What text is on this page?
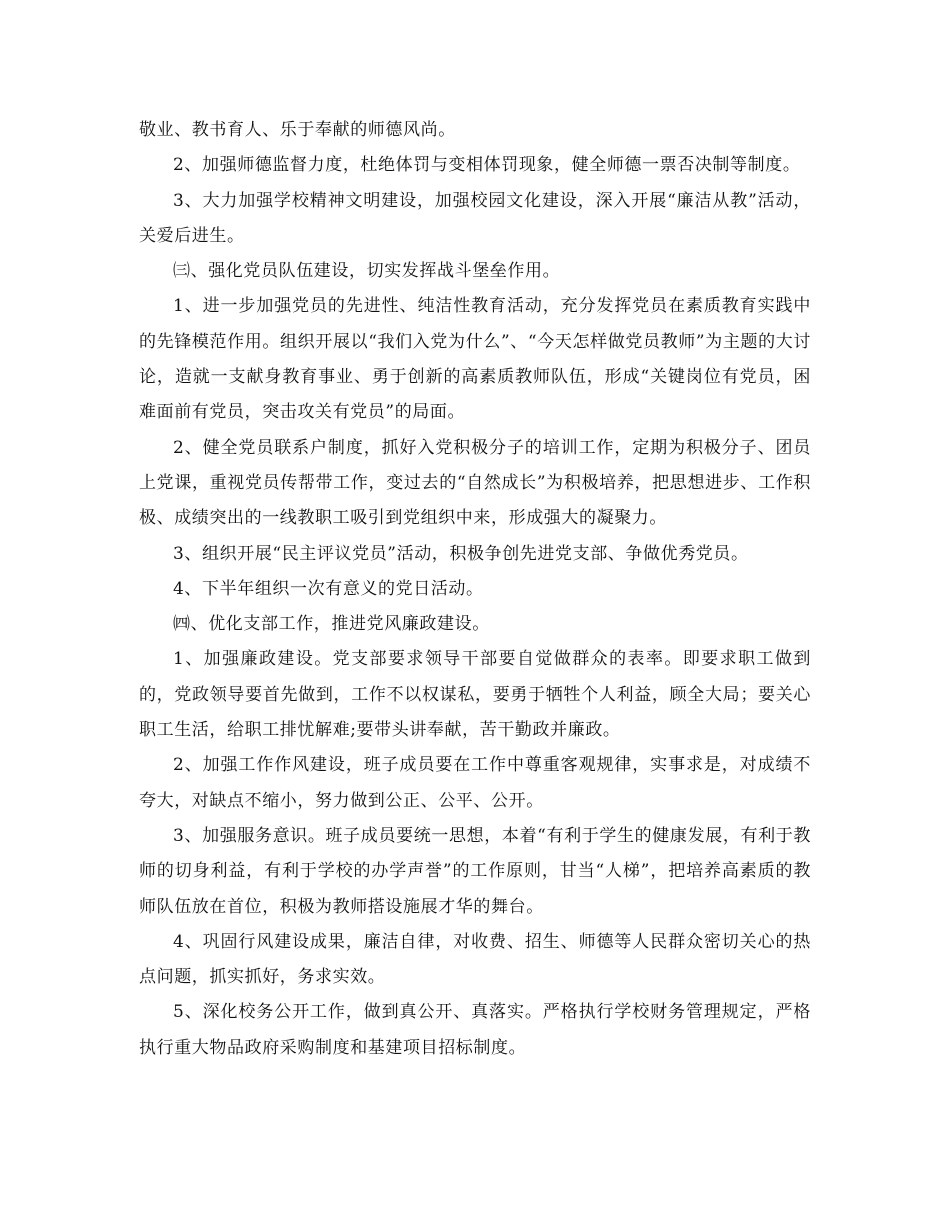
敬业、教书育人、乐于奉献的师德风尚。

2、加强师德监督力度，杜绝体罚与变相体罚现象，健全师德一票否决制等制度。

3、大力加强学校精神文明建设，加强校园文化建设，深入开展“廉洁从教”活动，关爱后进生。

㈢、强化党员队伍建设，切实发挥战斗堡垒作用。

1、进一步加强党员的先进性、纯洁性教育活动，充分发挥党员在素质教育实践中的先锋模范作用。组织开展以“我们入党为什么”、“今天怎样做党员教师”为主题的大讨论，造就一支献身教育事业、勇于创新的高素质教师队伍，形成“关键岗位有党员，困难面前有党员，突击攻关有党员”的局面。

2、健全党员联系户制度，抓好入党积极分子的培训工作，定期为积极分子、团员上党课，重视党员传帮带工作，变过去的“自然成长”为积极培养，把思想进步、工作积极、成绩突出的一线教职工吸引到党组织中来，形成强大的凝聚力。

3、组织开展“民主评议党员”活动，积极争创先进党支部、争做优秀党员。

4、下半年组织一次有意义的党日活动。

㈣、优化支部工作，推进党风廉政建设。

1、加强廉政建设。党支部要求领导干部要自觉做群众的表率。即要求职工做到的，党政领导要首先做到，工作不以权谋私，要勇于牺牲个人利益，顾全大局；要关心职工生活，给职工排忧解难;要带头讲奉献，苦干勤政并廉政。

2、加强工作作风建设，班子成员要在工作中尊重客观规律，实事求是，对成绩不夸大，对缺点不缩小，努力做到公正、公平、公开。

3、加强服务意识。班子成员要统一思想，本着“有利于学生的健康发展，有利于教师的切身利益，有利于学校的办学声誉”的工作原则，甘当“人梯”，把培养高素质的教师队伍放在首位，积极为教师搭设施展才华的舞台。

4、巩固行风建设成果，廉洁自律，对收费、招生、师德等人民群众密切关心的热点问题，抓实抓好，务求实效。

5、深化校务公开工作，做到真公开、真落实。严格执行学校财务管理规定，严格执行重大物品政府采购制度和基建项目招标制度。
